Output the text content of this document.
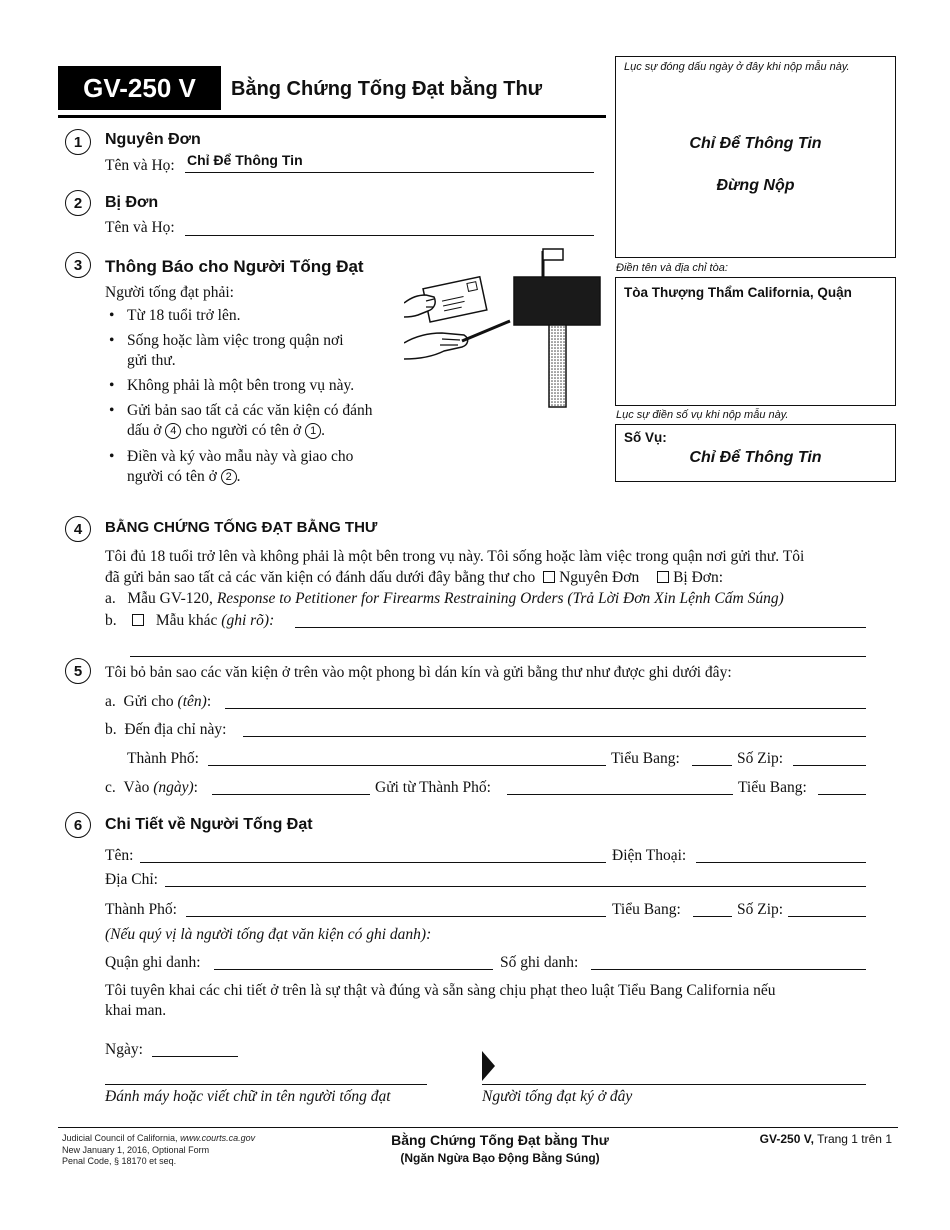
GV-250 V Bằng Chứng Tống Đạt bằng Thư
Lục sự đóng dấu ngày ở đây khi nộp mẫu này.
Chỉ Để Thông Tin
Đừng Nộp
Điền tên và địa chỉ tòa:
Tòa Thượng Thẩm California, Quận
Lục sự điền số vụ khi nộp mẫu này.
Số Vụ:
Chỉ Để Thông Tin
1	Nguyên Đơn
Tên và Họ: Chỉ Để Thông Tin
2	Bị Đơn
Tên và Họ:
3	Thông Báo cho Người Tống Đạt
Người tống đạt phải:
• Từ 18 tuổi trở lên.
• Sống hoặc làm việc trong quận nơi
gửi thư.
• Không phải là một bên trong vụ này.
• Gửi bản sao tất cả các văn kiện có đánh
dấu ở 4 cho người có tên ở 1 .
• Điền và ký vào mẫu này và giao cho
người có tên ở 2 .
4	BẰNG CHỨNG TỐNG ĐẠT BẰNG THƯ
Tôi đủ 18 tuổi trở lên và không phải là một bên trong vụ này. Tôi sống hoặc làm việc trong quận nơi gửi thư. Tôi
đã gửi bản sao tất cả các văn kiện có đánh dấu dưới đây bằng thư cho Nguyên Đơn Bị Đơn:
a. Mẫu GV-120, Response to Petitioner for Firearms Restraining Orders (Trả Lời Đơn Xin Lệnh Cấm Súng)
b.	Mẫu khác (ghi rõ):
5	Tôi bỏ bản sao các văn kiện ở trên vào một phong bì dán kín và gửi bằng thư như được ghi dưới đây:
a. Gửi cho (tên):
b. Đến địa chỉ này:
Thành Phố:	Tiểu Bang:	Số Zip:
c. Vào (ngày):	Gửi từ Thành Phố:	Tiểu Bang:
6	Chi Tiết về Người Tống Đạt
Tên:	Điện Thoại:
Địa Chỉ:
Thành Phố:	Tiểu Bang:	Số Zip:
(Nếu quý vị là người tống đạt văn kiện có ghi danh):
Quận ghi danh:	Số ghi danh:
Tôi tuyên khai các chi tiết ở trên là sự thật và đúng và sẵn sàng chịu phạt theo luật Tiểu Bang California nếu
khai man.
Ngày:
Đánh máy hoặc viết chữ in tên người tống đạt	Người tống đạt ký ở đây
Judicial Council of California, www.courts.ca.gov
New January 1, 2016, Optional Form
Penal Code, § 18170 et seq.
Bằng Chứng Tống Đạt bằng Thư
(Ngăn Ngừa Bạo Động Bằng Súng)
GV-250 V, Trang 1 trên 1
